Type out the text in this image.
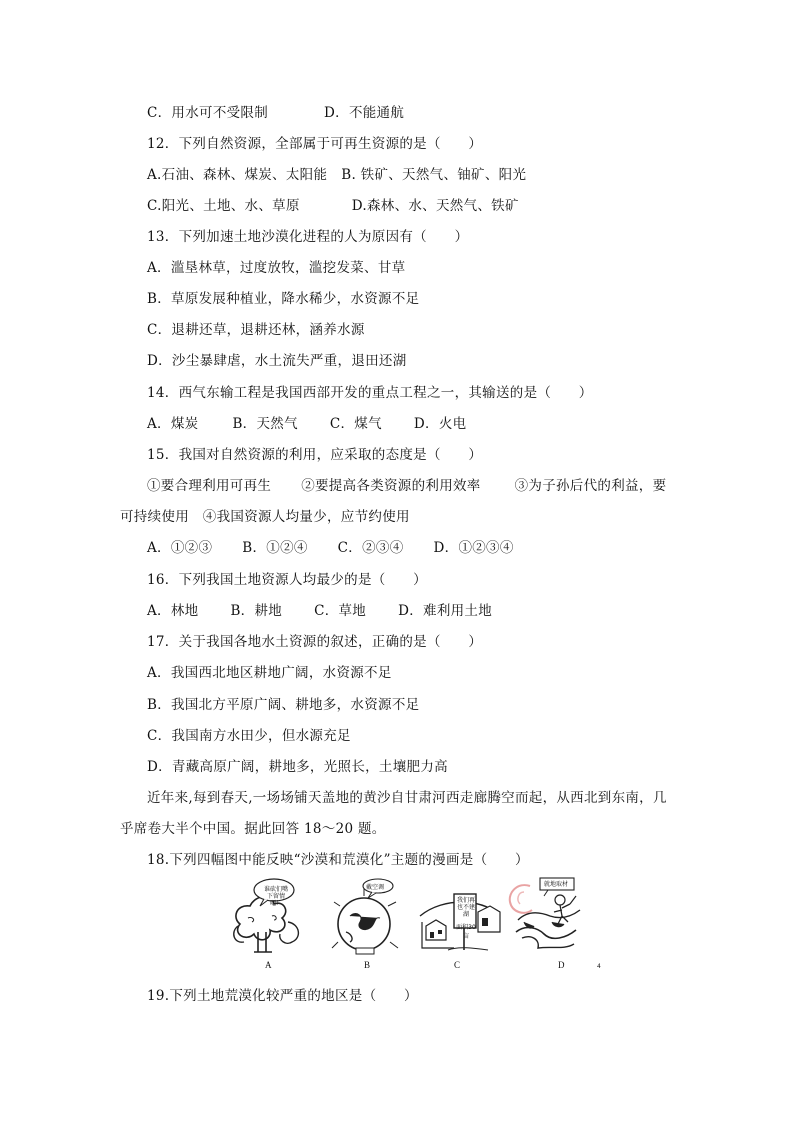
C．用水可不受限制	D．不能通航
12．下列自然资源，全部属于可再生资源的是（　　）
A.石油、森林、煤炭、太阳能 B. 铁矿、天然气、铀矿、阳光
C.阳光、土地、水、草原	D.森林、水、天然气、铁矿
13．下列加速土地沙漠化进程的人为原因有（　　）
A．滥垦林草，过度放牧，滥挖发菜、甘草
B．草原发展种植业，降水稀少，水资源不足
C．退耕还草，退耕还林，涵养水源
D．沙尘暴肆虐，水土流失严重，退田还湖
14．西气东输工程是我国西部开发的重点工程之一，其输送的是（　　）
A．煤炭	B．天然气 C．煤气 D．火电
15．我国对自然资源的利用，应采取的态度是（　　）
①要合理利用可再生 ②要提高各类资源的利用效率	③为子孙后代的利益，要
可持续使用　④我国资源人均量少，应节约使用
A．①②③ B．①②④ C．②③④ D．①②③④
16．下列我国土地资源人均最少的是（　　）
A．林地 B．耕地 C．草地 D．难利用土地
17．关于我国各地水土资源的叙述，正确的是（　　）
A．我国西北地区耕地广阔，水资源不足
B．我国北方平原广阔、耕地多，水资源不足
C．我国南方水田少，但水源充足
D．青藏高原广阔，耕地多，光照长，土壤肥力高
近年来,每到春天,一场场铺天盖地的黄沙自甘肃河西走廊腾空而起，从西北到东南，几
乎席卷大半个中国。据此回答 18～20 题。
18.下列四幅图中能反映“沙漠和荒漠化”主题的漫画是（　　）
谁砍们嘴下留情吧！
戴空调
我们再也不建湖
面积30亩
就地取材
A	B	C	D	4
19.下列土地荒漠化较严重的地区是（　　）
